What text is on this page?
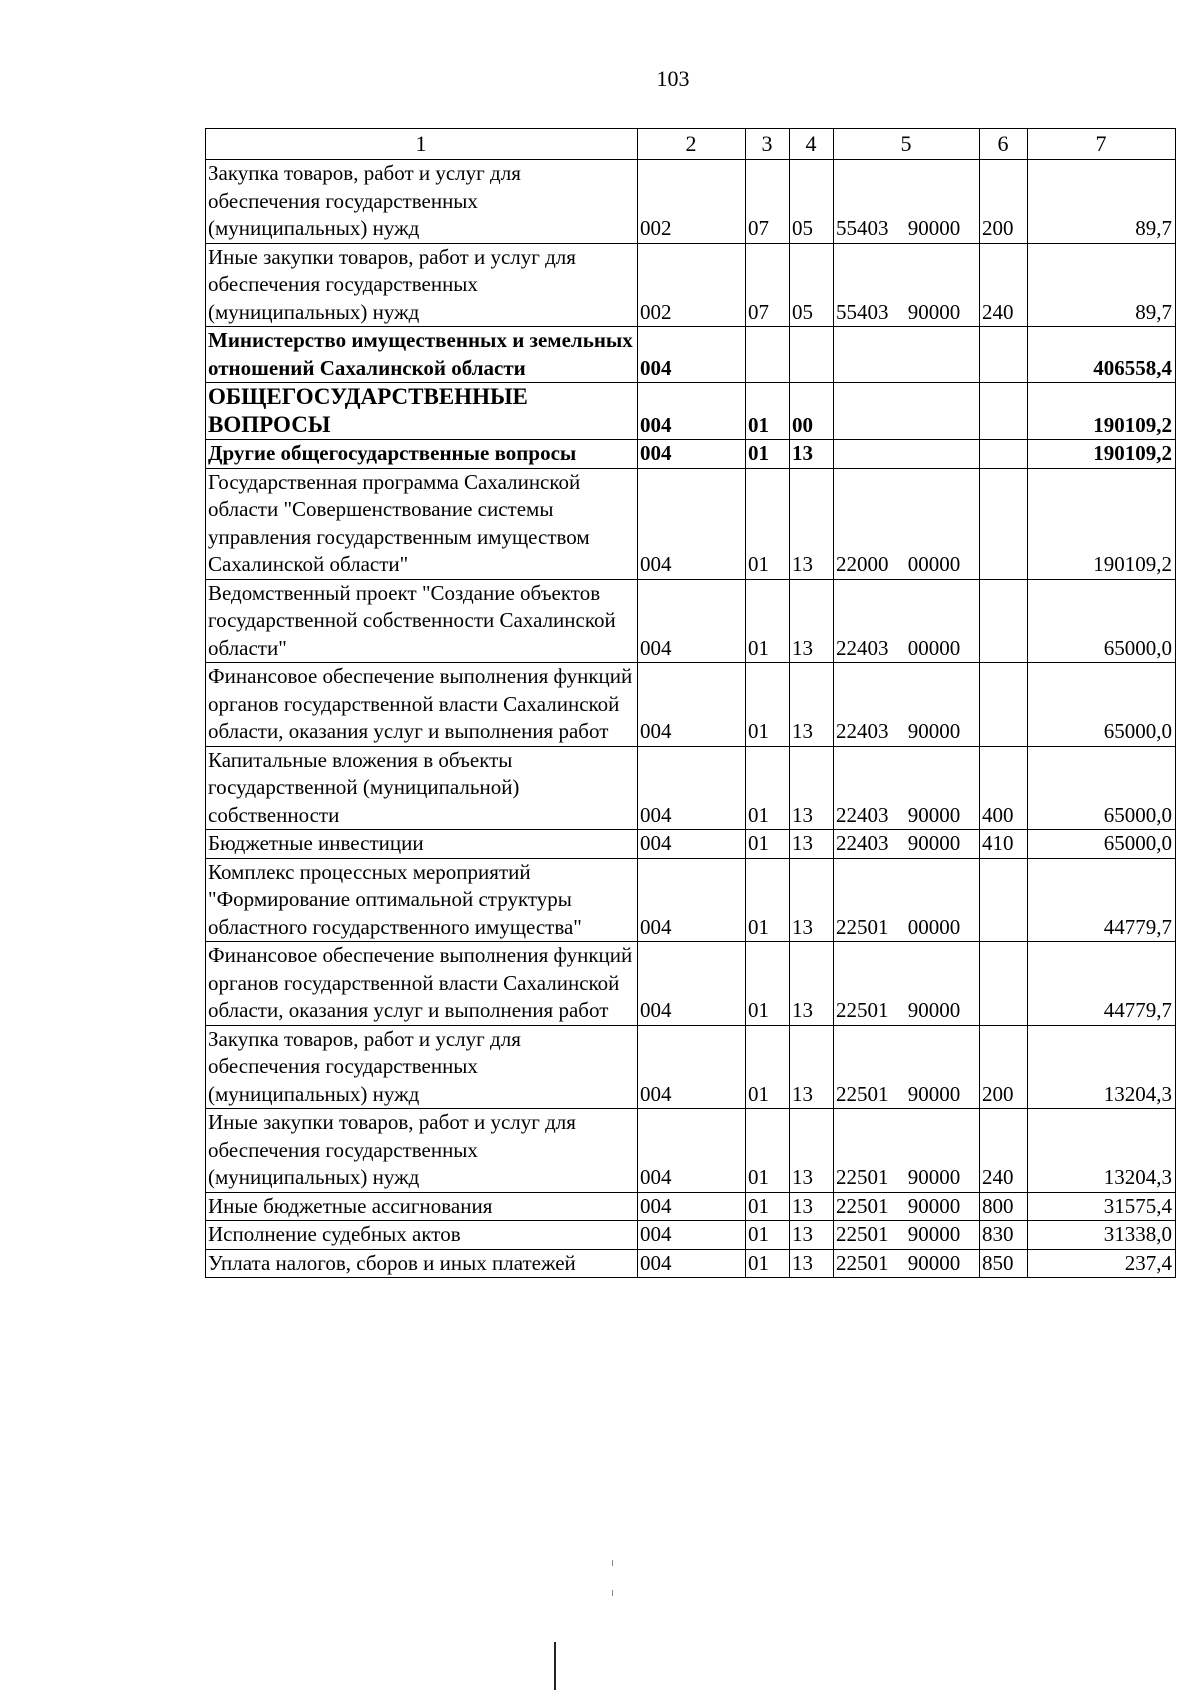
103
1	2	3	4	5	6	7
Закупка товаров, работ и услуг для обеспечения государственных (муниципальных) нужд	002	07	05	55403 90000	200	89,7
Иные закупки товаров, работ и услуг для обеспечения государственных (муниципальных) нужд	002	07	05	55403 90000	240	89,7
Министерство имущественных и земельных отношений Сахалинской области	004					406558,4
ОБЩЕГОСУДАРСТВЕННЫЕ ВОПРОСЫ	004	01	00			190109,2
Другие общегосударственные вопросы	004	01	13			190109,2
Государственная программа Сахалинской области "Совершенствование системы управления государственным имуществом Сахалинской области"	004	01	13	22000 00000		190109,2
Ведомственный проект "Создание объектов государственной собственности Сахалинской области"	004	01	13	22403 00000		65000,0
Финансовое обеспечение выполнения функций органов государственной власти Сахалинской области, оказания услуг и выполнения работ	004	01	13	22403 90000		65000,0
Капитальные вложения в объекты государственной (муниципальной) собственности	004	01	13	22403 90000	400	65000,0
Бюджетные инвестиции	004	01	13	22403 90000	410	65000,0
Комплекс процессных мероприятий "Формирование оптимальной структуры областного государственного имущества"	004	01	13	22501 00000		44779,7
Финансовое обеспечение выполнения функций органов государственной власти Сахалинской области, оказания услуг и выполнения работ	004	01	13	22501 90000		44779,7
Закупка товаров, работ и услуг для обеспечения государственных (муниципальных) нужд	004	01	13	22501 90000	200	13204,3
Иные закупки товаров, работ и услуг для обеспечения государственных (муниципальных) нужд	004	01	13	22501 90000	240	13204,3
Иные бюджетные ассигнования	004	01	13	22501 90000	800	31575,4
Исполнение судебных актов	004	01	13	22501 90000	830	31338,0
Уплата налогов, сборов и иных платежей	004	01	13	22501 90000	850	237,4
